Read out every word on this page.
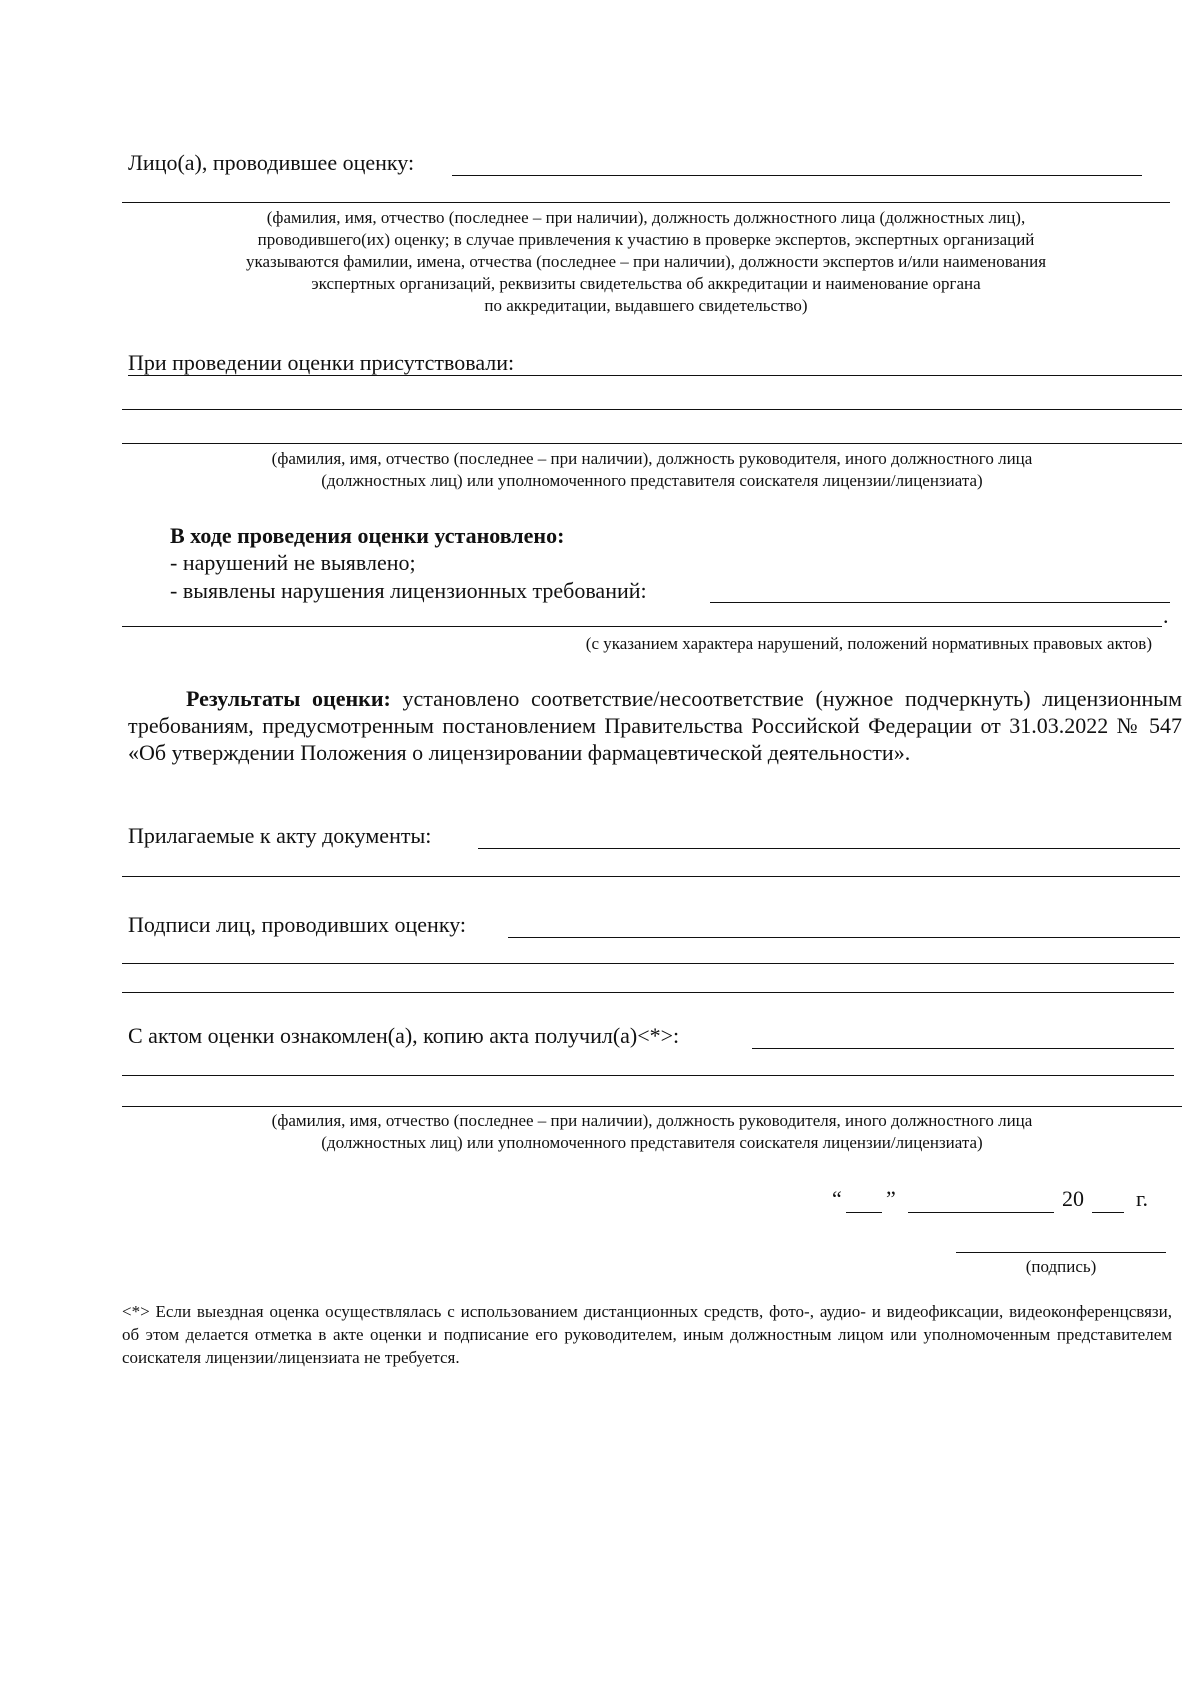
Лицо(а), проводившее оценку:
(фамилия, имя, отчество (последнее – при наличии), должность должностного лица (должностных лиц),
проводившего(их) оценку; в случае привлечения к участию в проверке экспертов, экспертных организаций
указываются фамилии, имена, отчества (последнее – при наличии), должности экспертов и/или наименования
экспертных организаций, реквизиты свидетельства об аккредитации и наименование органа
по аккредитации, выдавшего свидетельство)
При проведении оценки присутствовали:
(фамилия, имя, отчество (последнее – при наличии), должность руководителя, иного должностного лица
(должностных лиц) или уполномоченного представителя соискателя лицензии/лицензиата)
В ходе проведения оценки установлено:
- нарушений не выявлено;
- выявлены нарушения лицензионных требований:
.
(с указанием характера нарушений, положений нормативных правовых актов)
Результаты оценки: установлено соответствие/несоответствие (нужное подчеркнуть) лицензионным требованиям, предусмотренным постановлением Правительства Российской Федерации от 31.03.2022 № 547 «Об утверждении Положения о лицензировании фармацевтической деятельности».
Прилагаемые к акту документы:
Подписи лиц, проводивших оценку:
С актом оценки ознакомлен(а), копию акта получил(а)<*>:
(фамилия, имя, отчество (последнее – при наличии), должность руководителя, иного должностного лица
(должностных лиц) или уполномоченного представителя соискателя лицензии/лицензиата)
“ ”	20 г.
(подпись)
<*> Если выездная оценка осуществлялась с использованием дистанционных средств, фото-, аудио- и видеофиксации, видеоконференцсвязи, об этом делается отметка в акте оценки и подписание его руководителем, иным должностным лицом или уполномоченным представителем соискателя лицензии/лицензиата не требуется.
